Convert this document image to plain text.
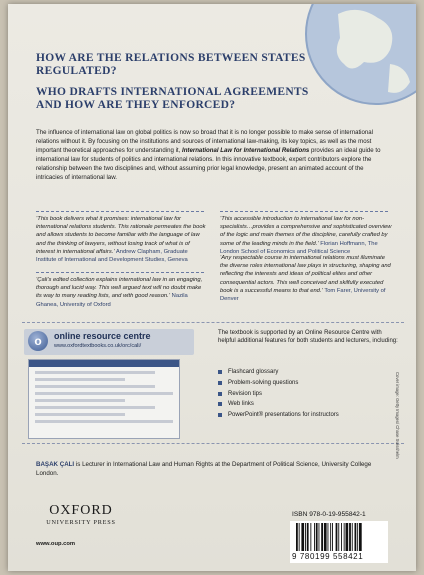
HOW ARE THE RELATIONS BETWEEN STATES REGULATED?
WHO DRAFTS INTERNATIONAL AGREEMENTS AND HOW ARE THEY ENFORCED?

The influence of international law on global politics is now so broad that it is no longer possible to make sense of international relations without it. By focusing on the institutions and sources of international law-making, its key topics, as well as the most important theoretical approaches for understanding it, International Law for International Relations provides an ideal guide to international law for students of politics and international relations. In this innovative textbook, expert contributors explore the relationship between the two disciplines and, without assuming prior legal knowledge, present an animated account of the intricacies of international law.

‘This book delivers what it promises: international law for international relations students. This rationale permeates the book and allows students to become familiar with the language of law and the thinking of lawyers, without losing track of what is of interest in international affairs.’ Andrew Clapham, Graduate Institute of International and Development Studies, Geneva

‘Çali’s edited collection explains international law in an engaging, thorough and lucid way. This well argued text will no doubt make its way to many reading lists, and with good reason.’ Nazila Ghanea, University of Oxford

‘This accessible introduction to international law for non-specialists…provides a comprehensive and sophisticated overview of the logic and main themes of the discipline, carefully crafted by some of the leading minds in the field.’ Florian Hoffmann, The London School of Economics and Political Science

‘Any respectable course in international relations must illuminate the diverse roles international law plays in structuring, shaping and reflecting the interests and ideas of political elites and other consequential actors. This well conceived and skilfully executed book is a successful means to that end.’ Tom Farer, University of Denver

o	online resource centre
www.oxfordtextbooks.co.uk/orc/cali/

The textbook is supported by an Online Resource Centre with helpful additional features for both students and lecturers, including:

Flashcard glossary
Problem-solving questions
Revision tips
Web links
PowerPoint® presentations for instructors	Cover image: Getty Images/ Chase Swisshelm

BAŞAK ÇALI is Lecturer in International Law and Human Rights at the Department of Political Science, University College London.

OXFORD
UNIVERSITY PRESS
www.oup.com
ISBN 978-0-19-955842-1
9 780199 558421
